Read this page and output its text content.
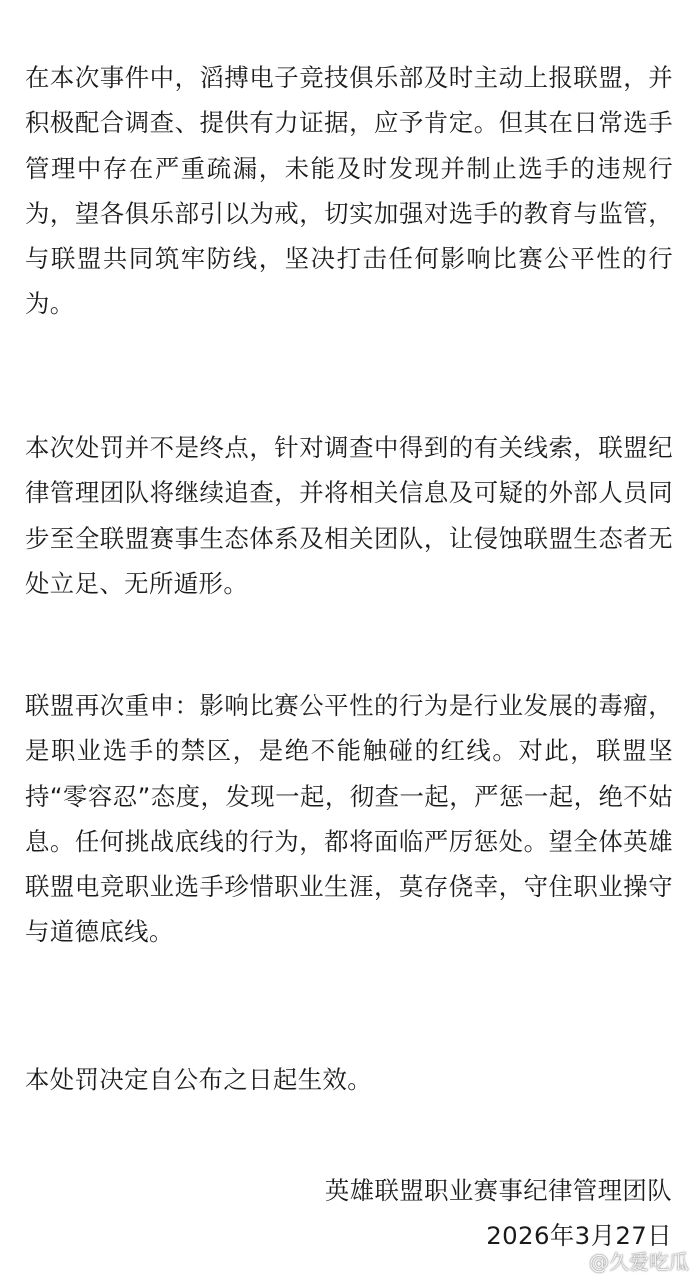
在本次事件中，滔搏电子竞技俱乐部及时主动上报联盟，并积极配合调查、提供有力证据，应予肯定。但其在日常选手管理中存在严重疏漏，未能及时发现并制止选手的违规行为，望各俱乐部引以为戒，切实加强对选手的教育与监管，与联盟共同筑牢防线，坚决打击任何影响比赛公平性的行为。

本次处罚并不是终点，针对调查中得到的有关线索，联盟纪律管理团队将继续追查，并将相关信息及可疑的外部人员同步至全联盟赛事生态体系及相关团队，让侵蚀联盟生态者无处立足、无所遁形。

联盟再次重申：影响比赛公平性的行为是行业发展的毒瘤，是职业选手的禁区，是绝不能触碰的红线。对此，联盟坚持“零容忍”态度，发现一起，彻查一起，严惩一起，绝不姑息。任何挑战底线的行为，都将面临严厉惩处。望全体英雄联盟电竞职业选手珍惜职业生涯，莫存侥幸，守住职业操守与道德底线。

本处罚决定自公布之日起生效。

英雄联盟职业赛事纪律管理团队

2026年3月27日

@久爱吃瓜
